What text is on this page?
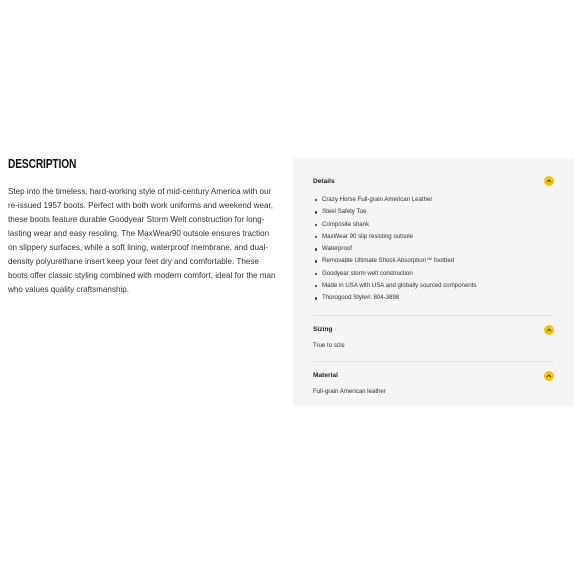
DESCRIPTION

Step into the timeless, hard-working style of mid-century America with our re-issued 1957 boots. Perfect with both work uniforms and weekend wear, these boots feature durable Goodyear Storm Welt construction for long-lasting wear and easy resoling. The MaxWear90 outsole ensures traction on slippery surfaces, while a soft lining, waterproof membrane, and dual-density polyurethane insert keep your feet dry and comfortable. These boots offer classic styling combined with modern comfort, ideal for the man who values quality craftsmanship.

Details
Crazy Horse Full-grain American Leather
Steel Safety Toe
Composite shank
MaxWear 90 slip resisting outsole
Waterproof
Removable Ultimate Shock Absorption™ footbed
Goodyear storm welt construction
Made in USA with USA and globally sourced components
Thorogood Style#: 804-3898
Sizing
True to size
Material
Full-grain American leather
